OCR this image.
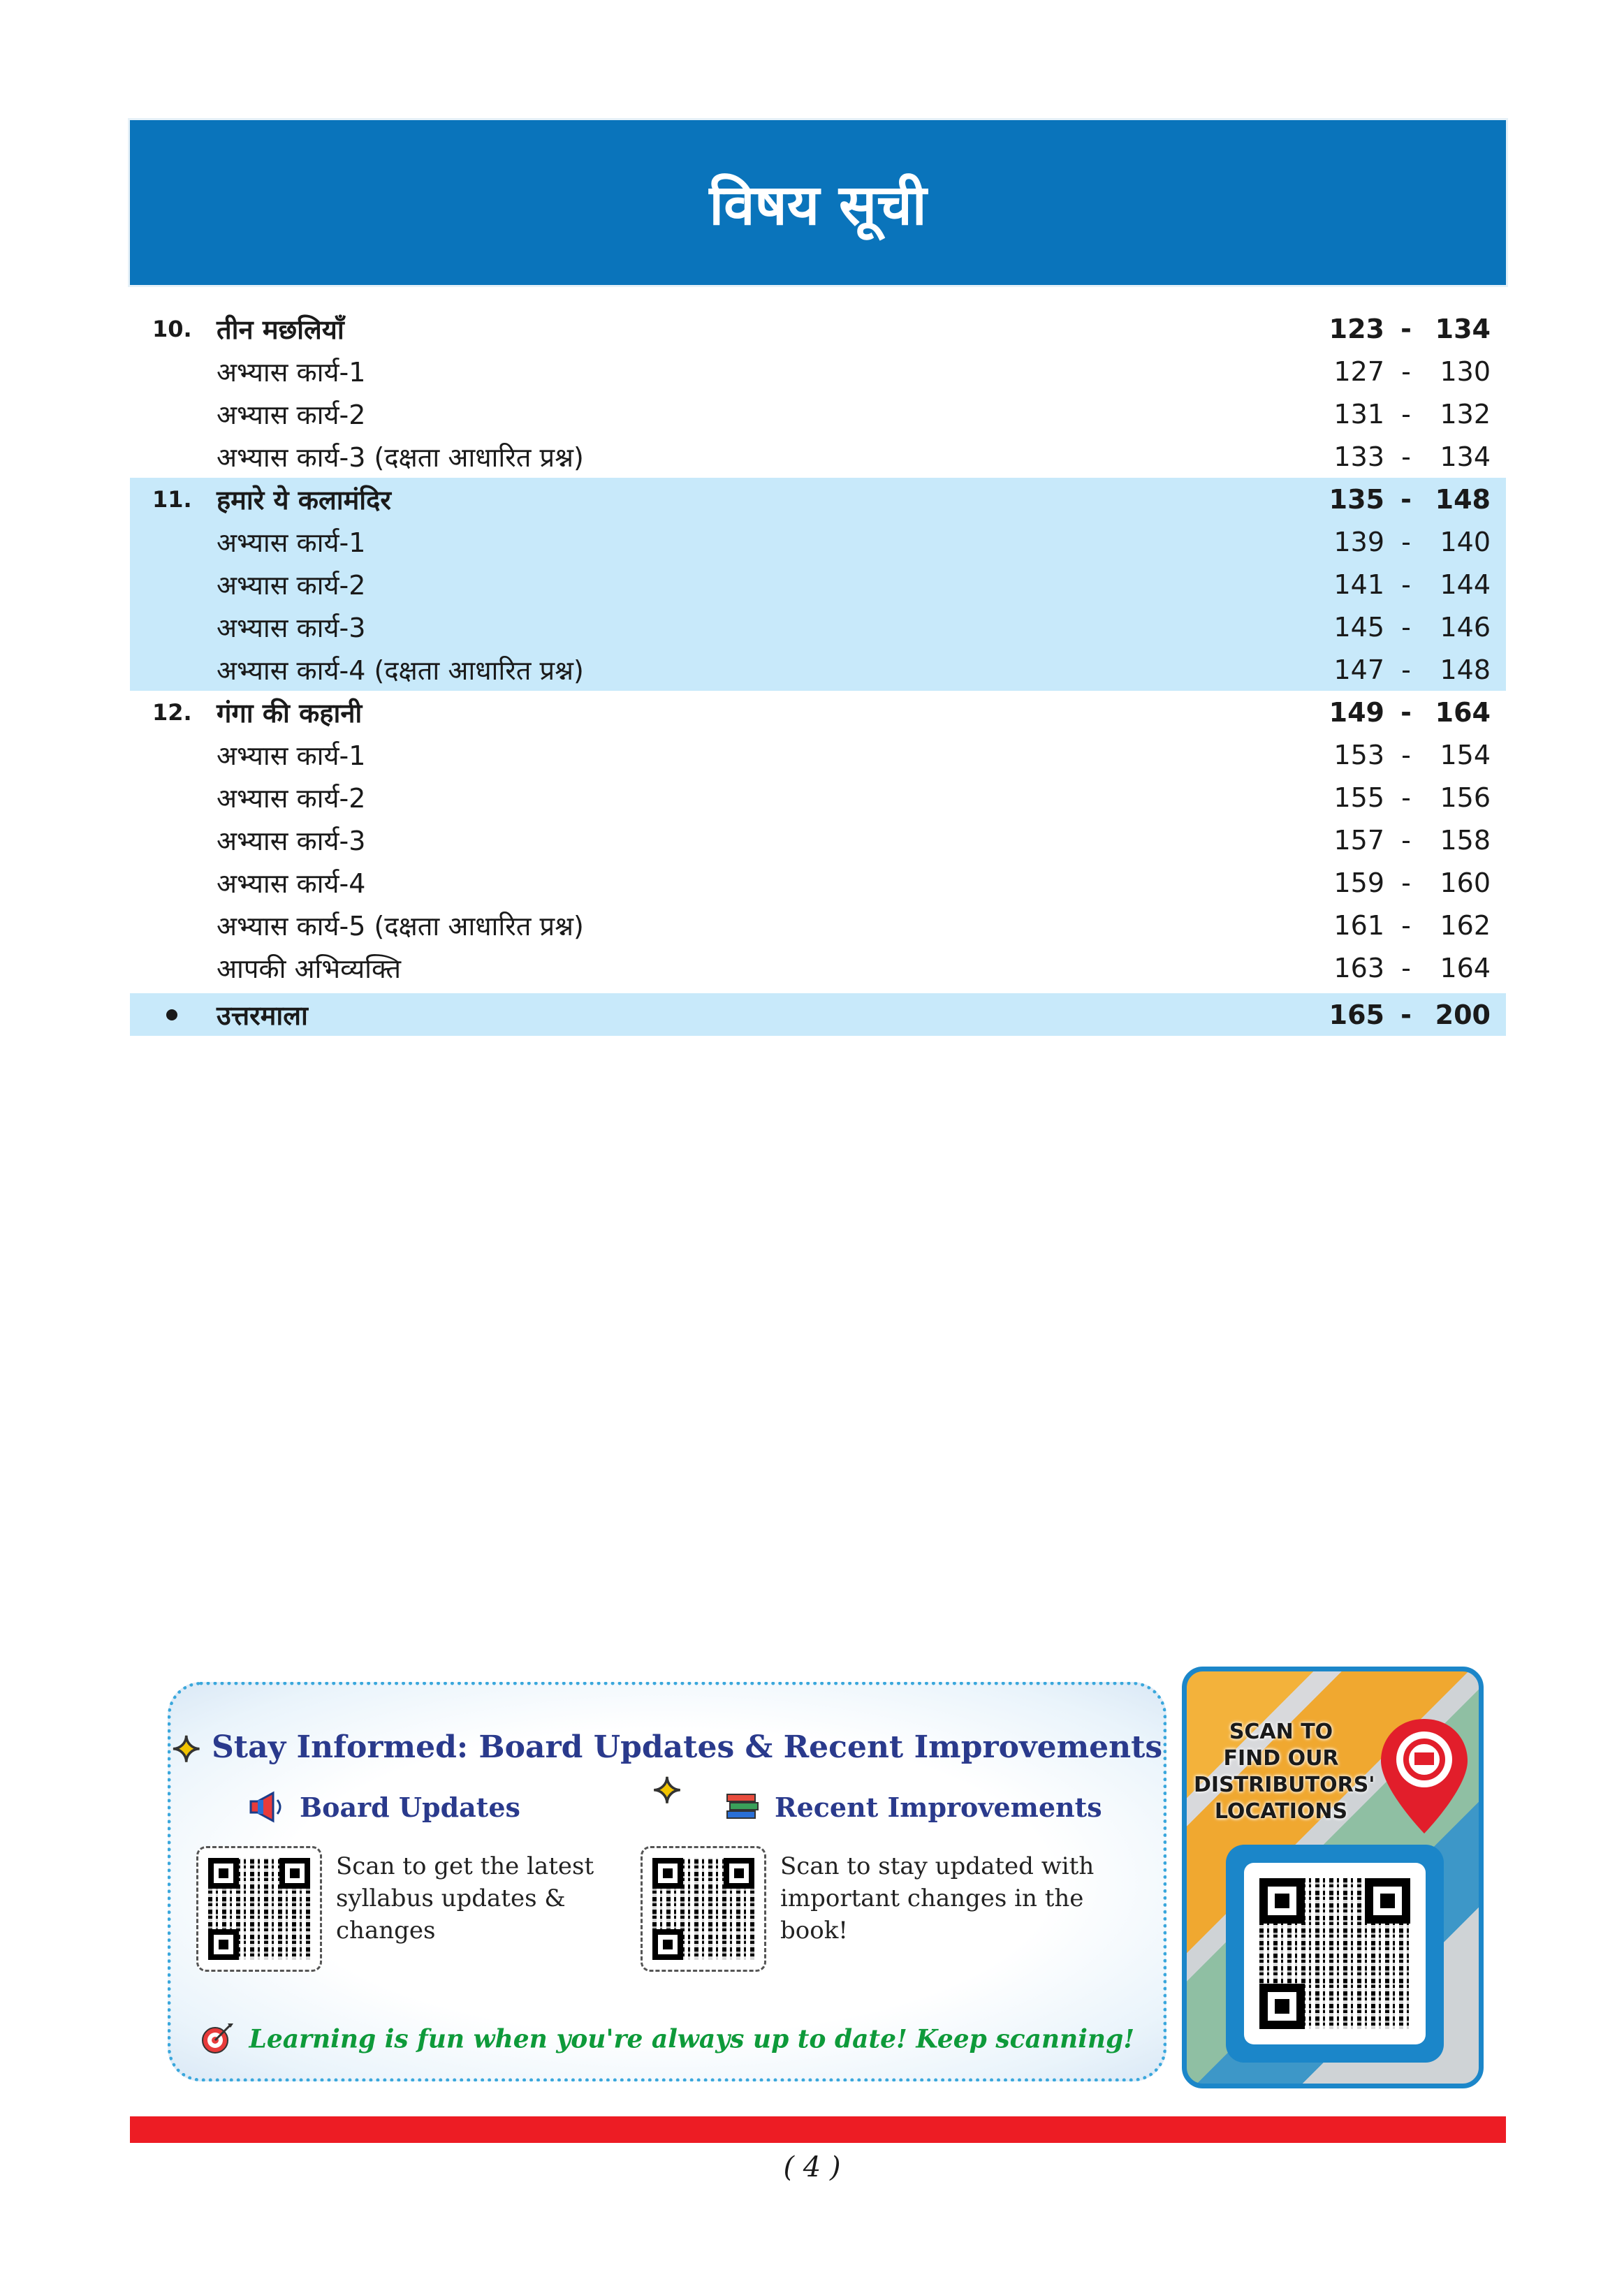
विषय सूची
10. तीन मछलियाँ	123 - 134
अभ्यास कार्य-1	127 -	130
अभ्यास कार्य-2	131 -	132
अभ्यास कार्य-3 (दक्षता आधारित प्रश्न)	133 -	134
11. हमारे ये कलामंदिर	135 - 148
अभ्यास कार्य-1	139 -	140
अभ्यास कार्य-2	141 -	144
अभ्यास कार्य-3	145 -	146
अभ्यास कार्य-4 (दक्षता आधारित प्रश्न)	147 -	148
12. गंगा की कहानी	149 - 164
अभ्यास कार्य-1	153 -	154
अभ्यास कार्य-2	155 -	156
अभ्यास कार्य-3	157 -	158
अभ्यास कार्य-4	159 -	160
अभ्यास कार्य-5 (दक्षता आधारित प्रश्न)	161 -	162
आपकी अभिव्यक्ति	163 -	164
उत्तरमाला	165 - 200
✦ Stay Informed: Board Updates & Recent Improvements ✦
Board Updates	Recent Improvements
Scan to get the latest
syllabus updates &
changes
Scan to stay updated with
important changes in the
book!
Learning is fun when you're always up to date! Keep scanning!
SCAN TO
FIND OUR
DISTRIBUTORS'
LOCATIONS
( 4 )
